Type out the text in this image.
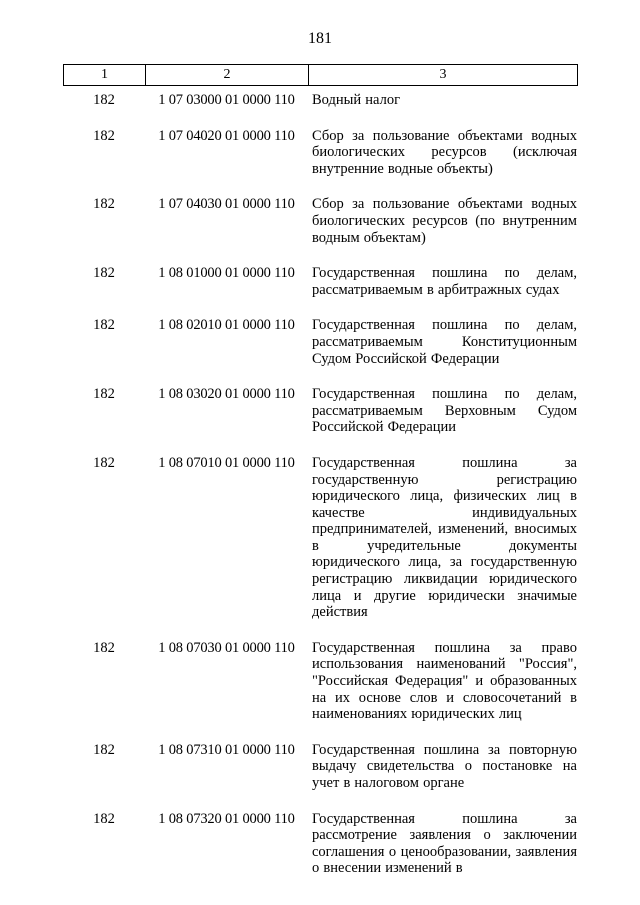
181
1	2	3
182	1 07 03000 01 0000 110	Водный налог
182	1 07 04020 01 0000 110	Сбор за пользование объектами водных биологических ресурсов (исключая внутренние водные объекты)
182	1 07 04030 01 0000 110	Сбор за пользование объектами водных биологических ресурсов (по внутренним водным объектам)
182	1 08 01000 01 0000 110	Государственная пошлина по делам, рассматриваемым в арбитражных судах
182	1 08 02010 01 0000 110	Государственная пошлина по делам, рассматриваемым Конституционным Судом Российской Федерации
182	1 08 03020 01 0000 110	Государственная пошлина по делам, рассматриваемым Верховным Судом Российской Федерации
182	1 08 07010 01 0000 110	Государственная пошлина за государственную регистрацию юридического лица, физических лиц в качестве индивидуальных предпринимателей, изменений, вносимых в учредительные документы юридического лица, за государственную регистрацию ликвидации юридического лица и другие юридически значимые действия
182	1 08 07030 01 0000 110	Государственная пошлина за право использования наименований "Россия", "Российская Федерация" и образованных на их основе слов и словосочетаний в наименованиях юридических лиц
182	1 08 07310 01 0000 110	Государственная пошлина за повторную выдачу свидетельства о постановке на учет в налоговом органе
182	1 08 07320 01 0000 110	Государственная пошлина за рассмотрение заявления о заключении соглашения о ценообразовании, заявления о внесении изменений в
